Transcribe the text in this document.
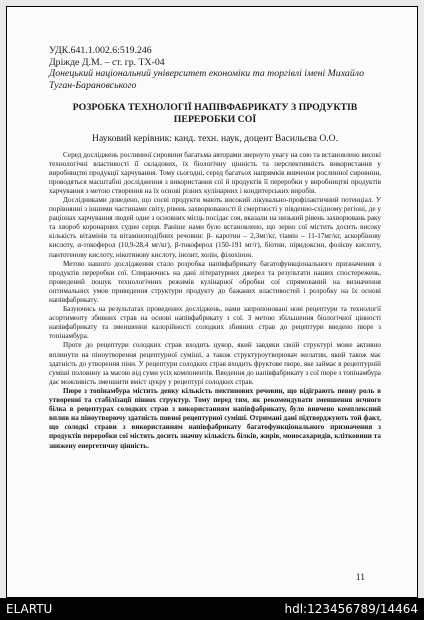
УДК.641.1.002.6:519.246
Дріжде Д.М. – ст. гр. ТХ-04
Донецький національний університет економіки та торгівлі імені Михайло Туган-Барановського
РОЗРОБКА ТЕХНОЛОГІЇ НАПІВФАБРИКАТУ З ПРОДУКТІВ ПЕРЕРОБКИ СОЇ
Науковий керівник: канд. техн. наук, доцент Васильєва О.О.

Серед досліджень рослинної сировини багатьма авторами звернуто увагу на сою та встановлено високі технологічні властивості її складових, їх біологічну цінність та перспективність використання у виробництві продукції харчування. Тому сьогодні, серед багатьох напрямків вивчення рослинної сировини, проводяться масштабні дослідження з використання сої й продуктів її переробки у виробництві продуктів харчування з метою створення на їх основі різних кулінарних і кондитерських виробів.

Дослідниками доведено, що соєві продукти мають високий лікувально-профілактичний потенціал. У порівнянні з іншими частинами світу, рівень захворюваності й смертності у південно-східному регіоні, де у раціонах харчування людей одне з основних місць посідає соя, вказали на низький рівень захворювань раку та хвороб коронарних судин серця. Раніше нами було встановлено, що зерно сої містить досить високу кількість вітамінів та вітаміноподібних речовин: β- каротин – 2,3мг/кг, тіамін – 11-17мг/кг, аскорбінову кислоту, α-токоферол (10,9-28,4 мг/кг), β-токоферол (150-191 мг/г), біотин, піридоксин, фолієву кислоту, пантотенову кислоту, нікотинову кислоту, інозит, холін, філохінон.

Метою нашого дослідження стало розробка напівфабрикату багатофункціонального призначення з продуктів переробки сої. Спираючись на дані літературних джерел та результати наших спостережень, проведений пошук технологічних режимів кулінарної обробки сої спрямований на визначення оптимальних умов приведення структури продукту до бажаних властивостей і розробку на їх основі напівфабрикату.

Базуючись на результатах проведених досліджень, нами запропоновані нові рецептури та технології асортименту збивних страв на основі напівфабрикату з сої. З метою збільшення біологічної цінності напівфабрикату та зменшення калорійності солодких збивних страв до рецептури введено пюре з топінамбура.

Проте до рецептури солодких страв входить цукор, який завдяки своїй структурі може активно вплинути на піноутворення рецептурної суміші, а також структуроутворювач желатин, який також має здатність до утворення піни. У рецептури солодких страв входить фруктове пюре, яке займає в рецептурній суміші половину за масою від суми усіх компонентів. Введення до напівфабрикату з сої пюре з топінамбура дає можливість зменшити вміст цукру у рецептурі солодких страв.

Пюре з топінамбура містить деяку кількість пектинових речовин, що відіграють певну роль в утворенні та стабілізації піннох структур. Тому перед тим, як рекомендувати зменшення яєчного білка в рецептурах солодких страв з використанням напівфабрикату, було вивчено комплексний вплив на піноутворючу здатність повної рецептурної суміші. Отримані дані підтверджують той факт, що солодкі страви з використанням напівфабрикату багатофункціонального призначення з продуктів переробки сої містять досить значну кількість білків, жирів, моносахаридів, клітковини та знижену енергетичну цінність.

11
ELARTU	hdl:123456789/14464
